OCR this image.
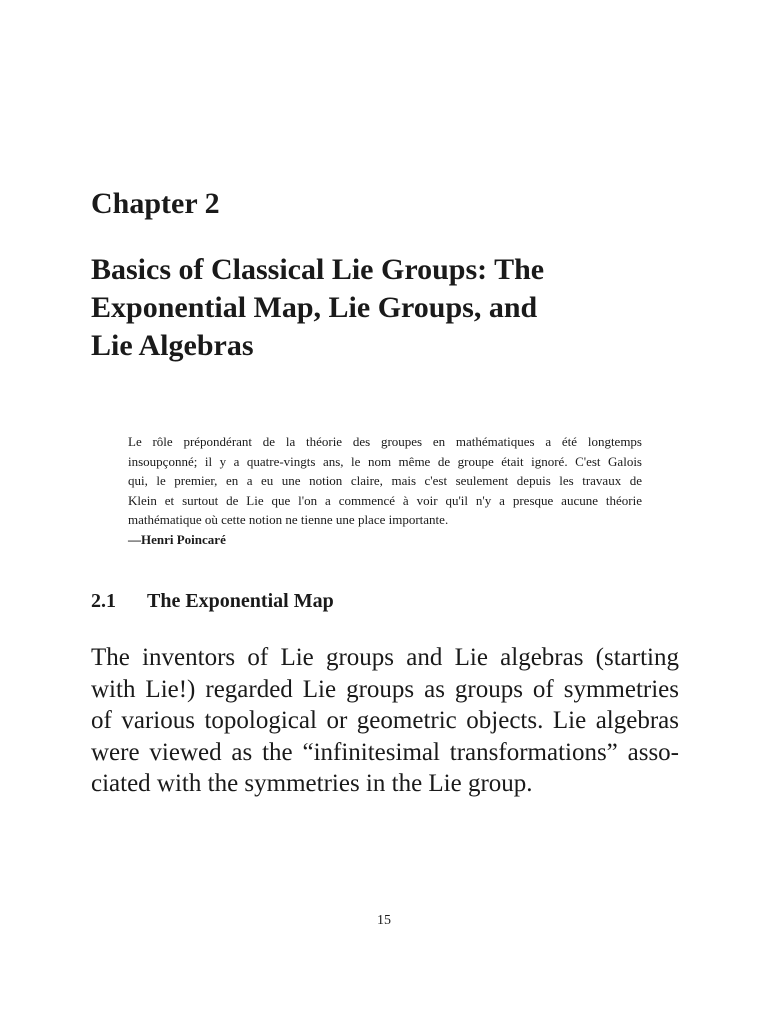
Chapter 2
Basics of Classical Lie Groups: The
Exponential Map, Lie Groups, and
Lie Algebras
Le rôle prépondérant de la théorie des groupes en mathématiques a été longtemps
insoupçonné; il y a quatre-vingts ans, le nom même de groupe était ignoré. C'est Galois
qui, le premier, en a eu une notion claire, mais c'est seulement depuis les travaux de
Klein et surtout de Lie que l'on a commencé à voir qu'il n'y a presque aucune théorie
mathématique où cette notion ne tienne une place importante.
—Henri Poincaré
2.1 The Exponential Map

The inventors of Lie groups and Lie algebras (starting
with Lie!) regarded Lie groups as groups of symmetries
of various topological or geometric objects. Lie algebras
were viewed as the “infinitesimal transformations” asso-
ciated with the symmetries in the Lie group.

15
